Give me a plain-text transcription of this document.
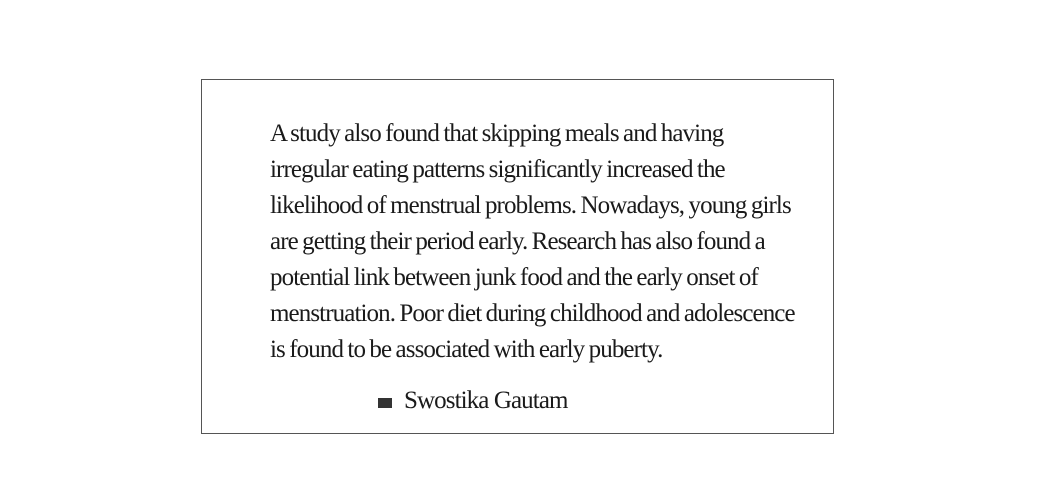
A study also found that skipping meals and having
irregular eating patterns significantly increased the
likelihood of menstrual problems. Nowadays, young girls
are getting their period early. Research has also found a
potential link between junk food and the early onset of
menstruation. Poor diet during childhood and adolescence
is found to be associated with early puberty.

Swostika Gautam
